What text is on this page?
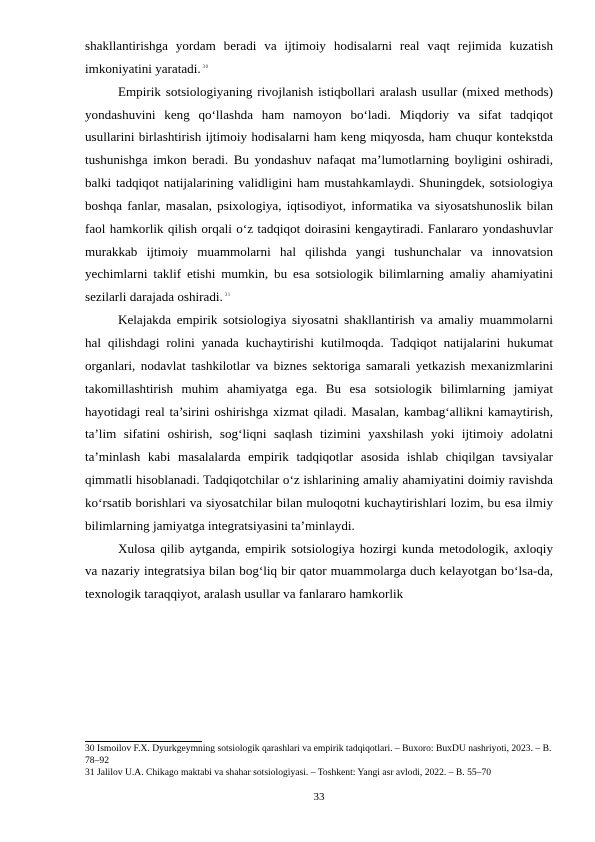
shakllantirishga yordam beradi va ijtimoiy hodisalarni real vaqt rejimida kuzatish imkoniyatini yaratadi. $^{30}$

Empirik sotsiologiyaning rivojlanish istiqbollari aralash usullar (mixed methods) yondashuvini keng qo‘llashda ham namoyon bo‘ladi. Miqdoriy va sifat tadqiqot usullarini birlashtirish ijtimoiy hodisalarni ham keng miqyosda, ham chuqur kontekstda tushunishga imkon beradi. Bu yondashuv nafaqat ma’lumotlarning boyligini oshiradi, balki tadqiqot natijalarining validligini ham mustahkamlaydi. Shuningdek, sotsiologiya boshqa fanlar, masalan, psixologiya, iqtisodiyot, informatika va siyosatshunoslik bilan faol hamkorlik qilish orqali o‘z tadqiqot doirasini kengaytiradi. Fanlararo yondashuvlar murakkab ijtimoiy muammolarni hal qilishda yangi tushunchalar va innovatsion yechimlarni taklif etishi mumkin, bu esa sotsiologik bilimlarning amaliy ahamiyatini sezilarli darajada oshiradi. $^{31}$

Kelajakda empirik sotsiologiya siyosatni shakllantirish va amaliy muammolarni hal qilishdagi rolini yanada kuchaytirishi kutilmoqda. Tadqiqot natijalarini hukumat organlari, nodavlat tashkilotlar va biznes sektoriga samarali yetkazish mexanizmlarini takomillashtirish muhim ahamiyatga ega. Bu esa sotsiologik bilimlarning jamiyat hayotidagi real ta’sirini oshirishga xizmat qiladi. Masalan, kambag‘allikni kamaytirish, ta’lim sifatini oshirish, sog‘liqni saqlash tizimini yaxshilash yoki ijtimoiy adolatni ta’minlash kabi masalalarda empirik tadqiqotlar asosida ishlab chiqilgan tavsiyalar qimmatli hisoblanadi. Tadqiqotchilar o‘z ishlarining amaliy ahamiyatini doimiy ravishda ko‘rsatib borishlari va siyosatchilar bilan muloqotni kuchaytirishlari lozim, bu esa ilmiy bilimlarning jamiyatga integratsiyasini ta’minlaydi.

Xulosa qilib aytganda, empirik sotsiologiya hozirgi kunda metodologik, axloqiy va nazariy integratsiya bilan bog‘liq bir qator muammolarga duch kelayotgan bo‘lsa-da, texnologik taraqqiyot, aralash usullar va fanlararo hamkorlik

30 Ismoilov F.X. Dyurkgeymning sotsiologik qarashlari va empirik tadqiqotlari. – Buxoro: BuxDU nashriyoti, 2023. – B. 78–92

31 Jalilov U.A. Chikago maktabi va shahar sotsiologiyasi. – Toshkent: Yangi asr avlodi, 2022. – B. 55–70

33
